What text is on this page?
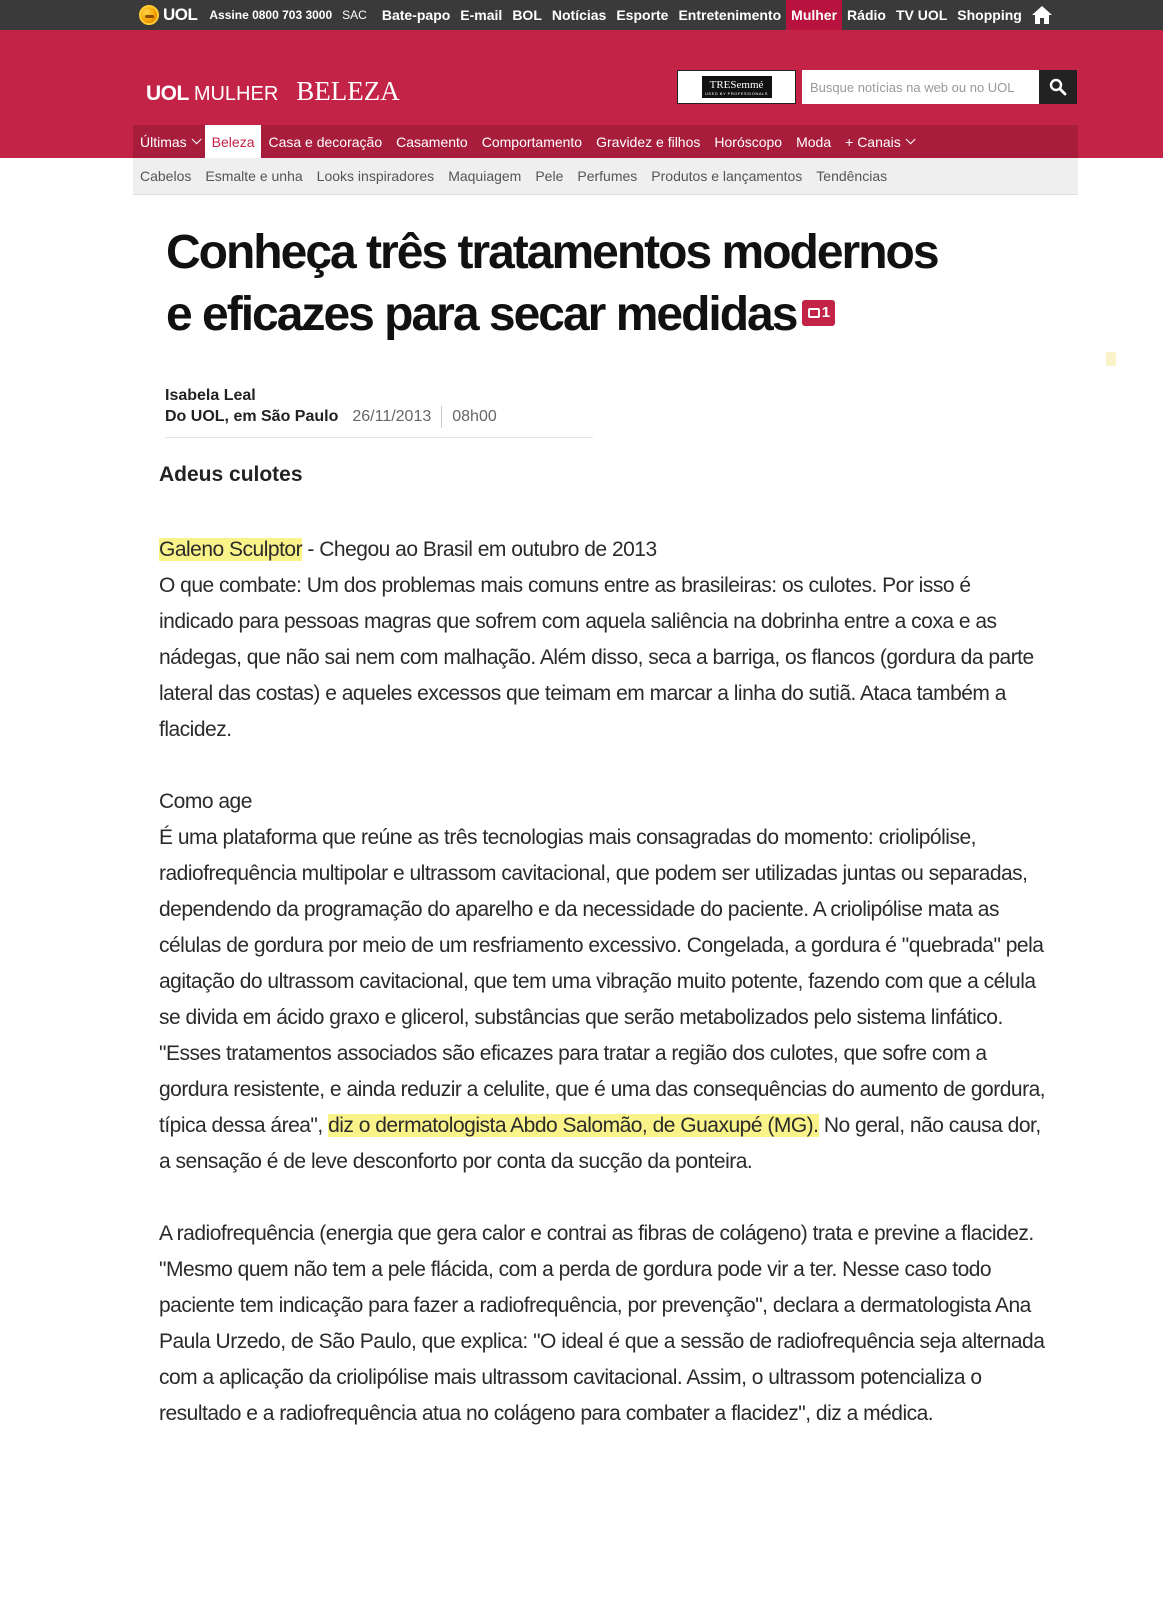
UOL Assine 0800 703 3000 SAC	Bate-papo E-mail BOL Notícias Esporte Entretenimento Mulher Rádio TV UOL Shopping
UOL MULHER BELEZA	TRESemmé
USED BY PROFESSIONALS
Busque notícias na web ou no UOL
Últimas Beleza Casa e decoração Casamento Comportamento Gravidez e filhos Horóscopo Moda + Canais
Cabelos	Esmalte e unha	Looks inspiradores	Maquiagem	Pele	Perfumes	Produtos e lançamentos	Tendências
Conheça três tratamentos modernos
e eficazes para secar medidas 1
Isabela Leal
Do UOL, em São Paulo 26/11/2013	08h00
Adeus culotes

Galeno Sculptor - Chegou ao Brasil em outubro de 2013

O que combate: Um dos problemas mais comuns entre as brasileiras: os culotes. Por isso é indicado para pessoas magras que sofrem com aquela saliência na dobrinha entre a coxa e as nádegas, que não sai nem com malhação. Além disso, seca a barriga, os flancos (gordura da parte lateral das costas) e aqueles excessos que teimam em marcar a linha do sutiã. Ataca também a flacidez.

Como age

É uma plataforma que reúne as três tecnologias mais consagradas do momento: criolipólise, radiofrequência multipolar e ultrassom cavitacional, que podem ser utilizadas juntas ou separadas, dependendo da programação do aparelho e da necessidade do paciente. A criolipólise mata as células de gordura por meio de um resfriamento excessivo. Congelada, a gordura é "quebrada" pela agitação do ultrassom cavitacional, que tem uma vibração muito potente, fazendo com que a célula se divida em ácido graxo e glicerol, substâncias que serão metabolizados pelo sistema linfático. "Esses tratamentos associados são eficazes para tratar a região dos culotes, que sofre com a gordura resistente, e ainda reduzir a celulite, que é uma das consequências do aumento de gordura, típica dessa área", diz o dermatologista Abdo Salomão, de Guaxupé (MG). No geral, não causa dor, a sensação é de leve desconforto por conta da sucção da ponteira.

A radiofrequência (energia que gera calor e contrai as fibras de colágeno) trata e previne a flacidez. "Mesmo quem não tem a pele flácida, com a perda de gordura pode vir a ter. Nesse caso todo paciente tem indicação para fazer a radiofrequência, por prevenção", declara a dermatologista Ana Paula Urzedo, de São Paulo, que explica: "O ideal é que a sessão de radiofrequência seja alternada com a aplicação da criolipólise mais ultrassom cavitacional. Assim, o ultrassom potencializa o resultado e a radiofrequência atua no colágeno para combater a flacidez", diz a médica.
